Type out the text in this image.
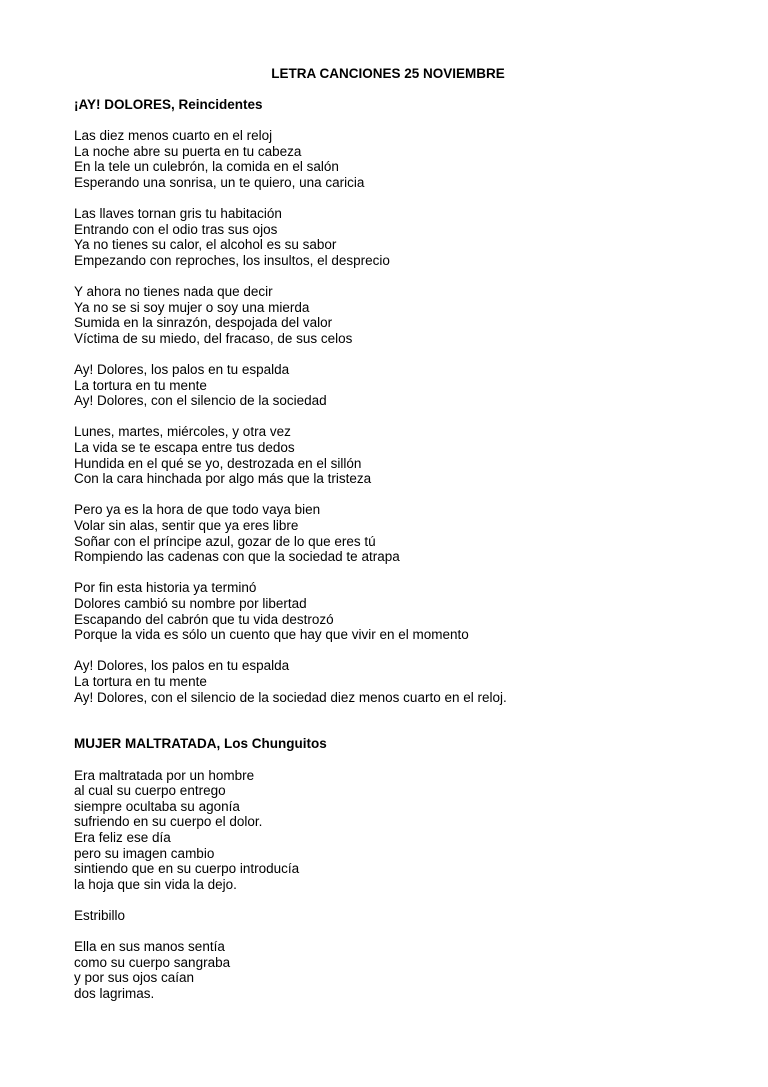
LETRA CANCIONES 25 NOVIEMBRE
¡AY! DOLORES, Reincidentes
Las diez menos cuarto en el reloj
La noche abre su puerta en tu cabeza
En la tele un culebrón, la comida en el salón
Esperando una sonrisa, un te quiero, una caricia
Las llaves tornan gris tu habitación
Entrando con el odio tras sus ojos
Ya no tienes su calor, el alcohol es su sabor
Empezando con reproches, los insultos, el desprecio
Y ahora no tienes nada que decir
Ya no se si soy mujer o soy una mierda
Sumida en la sinrazón, despojada del valor
Víctima de su miedo, del fracaso, de sus celos
Ay! Dolores, los palos en tu espalda
La tortura en tu mente
Ay! Dolores, con el silencio de la sociedad
Lunes, martes, miércoles, y otra vez
La vida se te escapa entre tus dedos
Hundida en el qué se yo, destrozada en el sillón
Con la cara hinchada por algo más que la tristeza
Pero ya es la hora de que todo vaya bien
Volar sin alas, sentir que ya eres libre
Soñar con el príncipe azul, gozar de lo que eres tú
Rompiendo las cadenas con que la sociedad te atrapa
Por fin esta historia ya terminó
Dolores cambió su nombre por libertad
Escapando del cabrón que tu vida destrozó
Porque la vida es sólo un cuento que hay que vivir en el momento
Ay! Dolores, los palos en tu espalda
La tortura en tu mente
Ay! Dolores, con el silencio de la sociedad diez menos cuarto en el reloj.
MUJER MALTRATADA, Los Chunguitos
Era maltratada por un hombre
al cual su cuerpo entrego
siempre ocultaba su agonía
sufriendo en su cuerpo el dolor.
Era feliz ese día
pero su imagen cambio
sintiendo que en su cuerpo introducía
la hoja que sin vida la dejo.
Estribillo
Ella en sus manos sentía
como su cuerpo sangraba
y por sus ojos caían
dos lagrimas.
